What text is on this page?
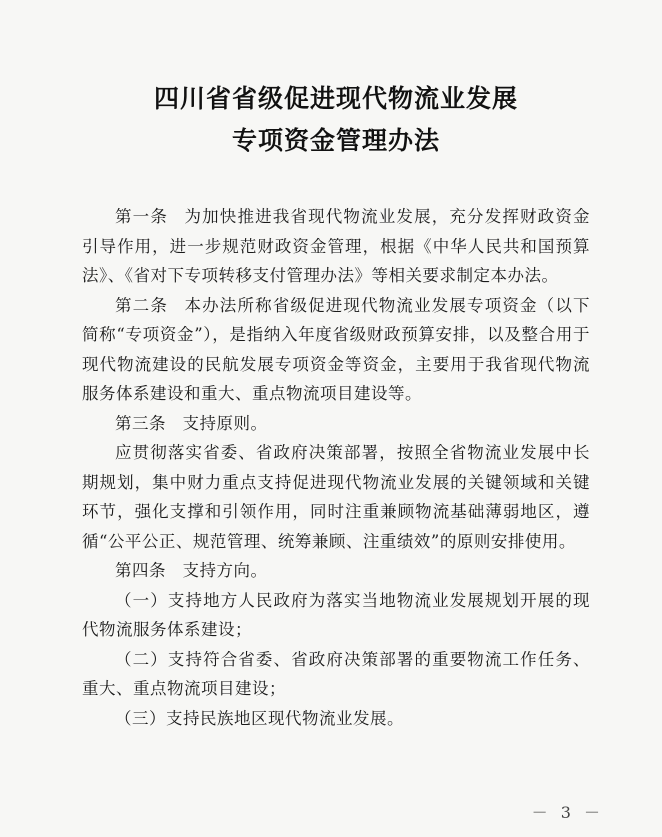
四川省省级促进现代物流业发展
专项资金管理办法

第一条 为加快推进我省现代物流业发展，充分发挥财政资金引导作用，进一步规范财政资金管理，根据《中华人民共和国预算法》、《省对下专项转移支付管理办法》等相关要求制定本办法。

第二条 本办法所称省级促进现代物流业发展专项资金（以下简称“专项资金”），是指纳入年度省级财政预算安排，以及整合用于现代物流建设的民航发展专项资金等资金，主要用于我省现代物流服务体系建设和重大、重点物流项目建设等。

第三条 支持原则。

应贯彻落实省委、省政府决策部署，按照全省物流业发展中长期规划，集中财力重点支持促进现代物流业发展的关键领域和关键环节，强化支撑和引领作用，同时注重兼顾物流基础薄弱地区，遵循“公平公正、规范管理、统筹兼顾、注重绩效”的原则安排使用。

第四条 支持方向。

（一）支持地方人民政府为落实当地物流业发展规划开展的现代物流服务体系建设；

（二）支持符合省委、省政府决策部署的重要物流工作任务、重大、重点物流项目建设；

（三）支持民族地区现代物流业发展。

－ 3 －
